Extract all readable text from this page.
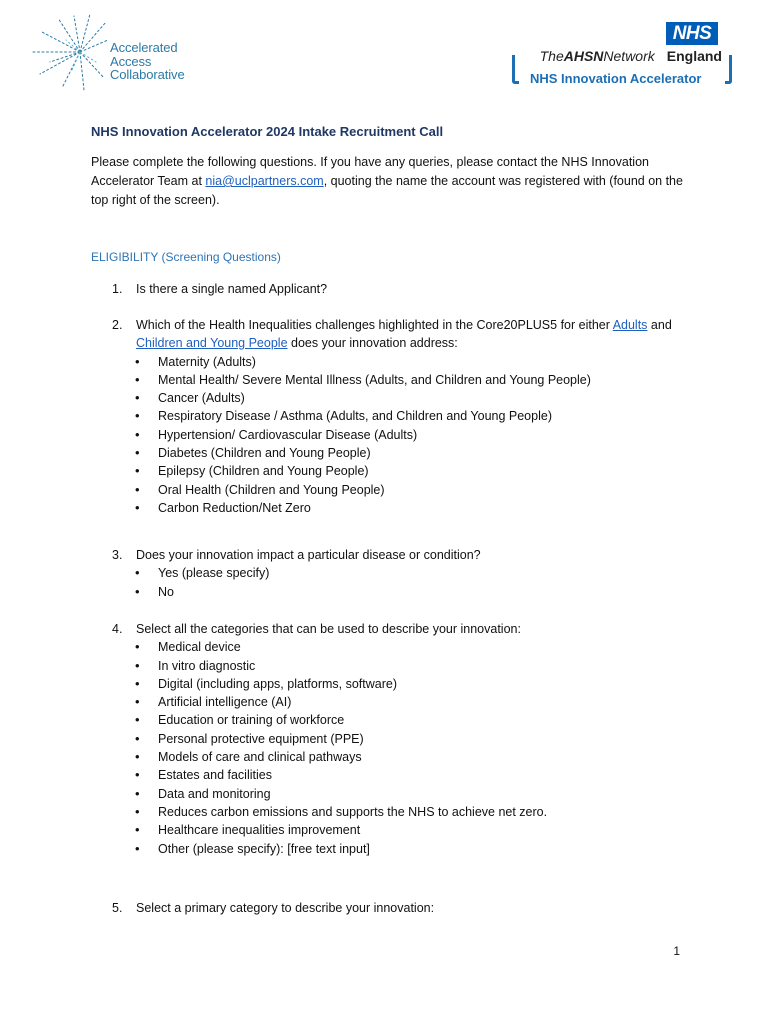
Accelerated
Access
Collaborative
NHS
TheAHSNNetwork England
NHS Innovation Accelerator
NHS Innovation Accelerator 2024 Intake Recruitment Call
Please complete the following questions. If you have any queries, please contact the NHS Innovation Accelerator Team at nia@uclpartners.com, quoting the name the account was registered with (found on the top right of the screen).
ELIGIBILITY (Screening Questions)
1.	Is there a single named Applicant?
2.	Which of the Health Inequalities challenges highlighted in the Core20PLUS5 for either Adults and
Children and Young People does your innovation address:
• Maternity (Adults)
• Mental Health/ Severe Mental Illness (Adults, and Children and Young People)
• Cancer (Adults)
• Respiratory Disease / Asthma (Adults, and Children and Young People)
• Hypertension/ Cardiovascular Disease (Adults)
• Diabetes (Children and Young People)
• Epilepsy (Children and Young People)
• Oral Health (Children and Young People)
• Carbon Reduction/Net Zero
3.	Does your innovation impact a particular disease or condition?
• Yes (please specify)
• No
4.	Select all the categories that can be used to describe your innovation:
• Medical device
• In vitro diagnostic
• Digital (including apps, platforms, software)
• Artificial intelligence (AI)
• Education or training of workforce
• Personal protective equipment (PPE)
• Models of care and clinical pathways
• Estates and facilities
• Data and monitoring
• Reduces carbon emissions and supports the NHS to achieve net zero.
• Healthcare inequalities improvement
• Other (please specify): [free text input]
5.	Select a primary category to describe your innovation:
1
